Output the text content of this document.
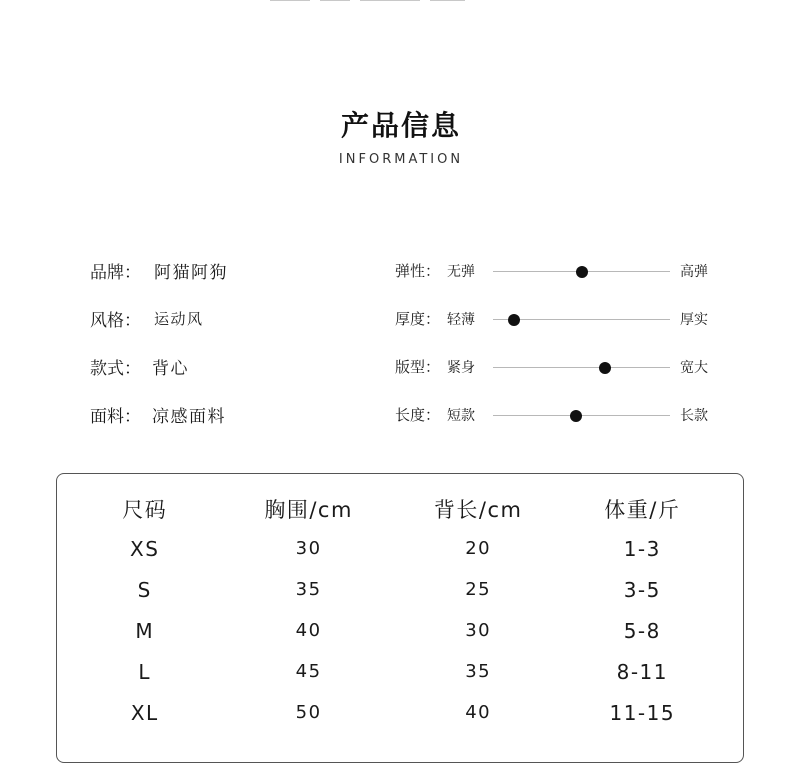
产品信息
INFORMATION
品牌： 阿猫阿狗
风格： 运动风
款式： 背心
面料： 凉感面料
弹性： 无弹	高弹
厚度： 轻薄	厚实
版型： 紧身	宽大
长度： 短款	长款
尺码	胸围/cm	背长/cm	体重/斤
XS	30	20	1-3
S	35	25	3-5
M	40	30	5-8
L	45	35	8-11
XL	50	40	11-15
